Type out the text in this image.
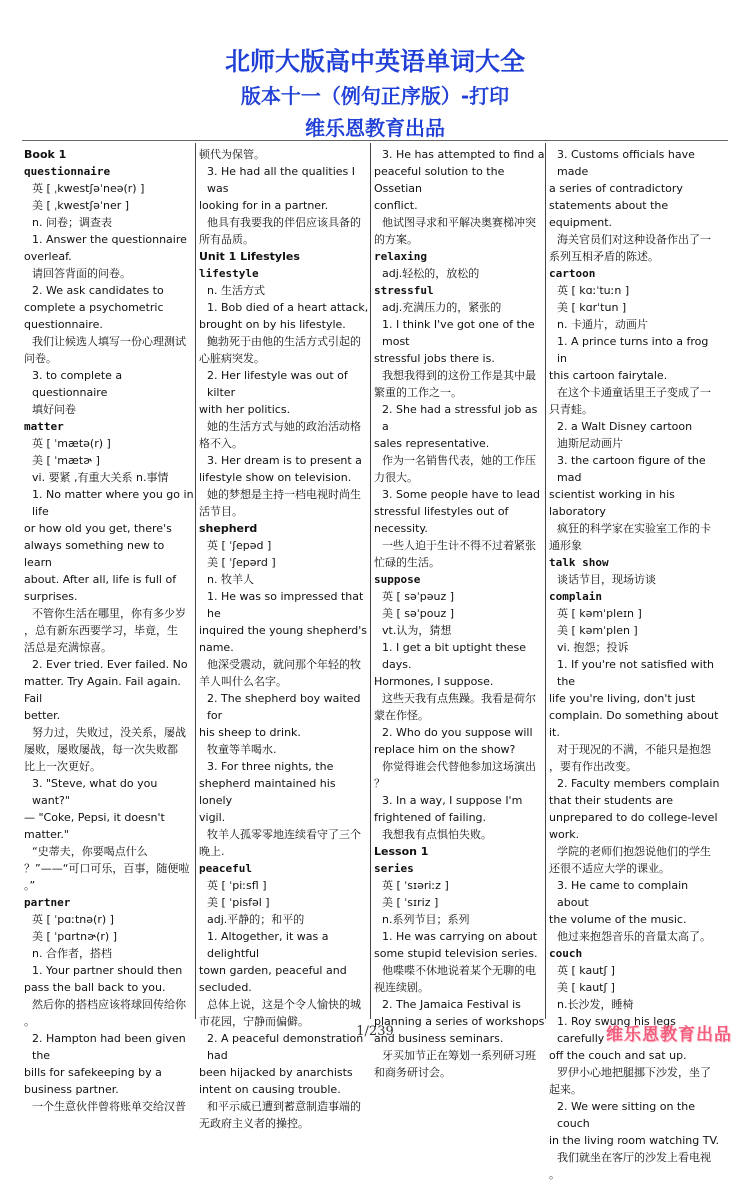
北师大版高中英语单词大全
版本十一（例句正序版）-打印
维乐恩教育出品
Book 1
questionnaire
英 [ ˌkwestʃəˈneə(r) ]
美 [ ˌkwestʃəˈner ]
n. 问卷；调查表
1. Answer the questionnaire
overleaf.
请回答背面的问卷。
2. We ask candidates to
complete a psychometric
questionnaire.
我们让候选人填写一份心理测试
问卷。
3. to complete a questionnaire
填好问卷
matter
英 [ ˈmætə(r) ]
美 [ ˈmætɚ ]
vi. 要紧 ,有重大关系 n.事情
1. No matter where you go in life
or how old you get, there's
always something new to learn
about. After all, life is full of
surprises.
不管你生活在哪里，你有多少岁
，总有新东西要学习，毕竟，生
活总是充满惊喜。
2. Ever tried. Ever failed. No
matter. Try Again. Fail again. Fail
better.
努力过，失败过，没关系，屡战
屡败，屡败屡战，每一次失败都
比上一次更好。
3. "Steve, what do you want?"
— "Coke, Pepsi, it doesn't
matter."
“史蒂夫，你要喝点什么
？”——“可口可乐，百事，随便啦
。”
partner
英 [ ˈpɑːtnə(r) ]
美 [ ˈpɑrtnɚ(r) ]
n. 合作者，搭档
1. Your partner should then
pass the ball back to you.
然后你的搭档应该将球回传给你
。
2. Hampton had been given the
bills for safekeeping by a
business partner.
一个生意伙伴曾将账单交给汉普
顿代为保管。
3. He had all the qualities I was
looking for in a partner.
他具有我要我的伴侣应该具备的
所有品质。
Unit 1 Lifestyles
lifestyle
n. 生活方式
1. Bob died of a heart attack,
brought on by his lifestyle.
鲍勃死于由他的生活方式引起的
心脏病突发。
2. Her lifestyle was out of kilter
with her politics.
她的生活方式与她的政治活动格
格不入。
3. Her dream is to present a
lifestyle show on television.
她的梦想是主持一档电视时尚生
活节目。
shepherd
英 [ ˈʃepəd ]
美 [ ˈʃepərd ]
n. 牧羊人
1. He was so impressed that he
inquired the young shepherd's
name.
他深受震动，就问那个年轻的牧
羊人叫什么名字。
2. The shepherd boy waited for
his sheep to drink.
牧童等羊喝水.
3. For three nights, the
shepherd maintained his lonely
vigil.
牧羊人孤零零地连续看守了三个
晚上.
peaceful
英 [ ˈpiːsfl ]
美 [ ˈpisfəl ]
adj.平静的；和平的
1. Altogether, it was a delightful
town garden, peaceful and
secluded.
总体上说，这是个令人愉快的城
市花园，宁静而偏僻。
2. A peaceful demonstration had
been hijacked by anarchists
intent on causing trouble.
和平示威已遭到蓄意制造事端的
无政府主义者的操控。
3. He has attempted to find a
peaceful solution to the Ossetian
conflict.
他试图寻求和平解决奥赛梯冲突
的方案。
relaxing
adj.轻松的，放松的
stressful
adj.充满压力的，紧张的
1. I think I've got one of the most
stressful jobs there is.
我想我得到的这份工作是其中最
繁重的工作之一。
2. She had a stressful job as a
sales representative.
作为一名销售代表，她的工作压
力很大。
3. Some people have to lead
stressful lifestyles out of
necessity.
一些人迫于生计不得不过着紧张
忙碌的生活。
suppose
英 [ səˈpəuz ]
美 [ səˈpouz ]
vt.认为，猜想
1. I get a bit uptight these days.
Hormones, I suppose.
这些天我有点焦躁。我看是荷尔
蒙在作怪。
2. Who do you suppose will
replace him on the show?
你觉得谁会代替他参加这场演出
？
3. In a way, I suppose I'm
frightened of failing.
我想我有点惧怕失败。
Lesson 1
series
英 [ ˈsɪəriːz ]
美 [ ˈsɪriz ]
n.系列节目；系列
1. He was carrying on about
some stupid television series.
他喋喋不休地说着某个无聊的电
视连续剧。
2. The Jamaica Festival is
planning a series of workshops
and business seminars.
牙买加节正在筹划一系列研习班
和商务研讨会。
3. Customs officials have made
a series of contradictory
statements about the equipment.
海关官员们对这种设备作出了一
系列互相矛盾的陈述。
cartoon
英 [ kɑːˈtuːn ]
美 [ kɑrˈtun ]
n. 卡通片，动画片
1. A prince turns into a frog in
this cartoon fairytale.
在这个卡通童话里王子变成了一
只青蛙。
2. a Walt Disney cartoon
迪斯尼动画片
3. the cartoon figure of the mad
scientist working in his laboratory
疯狂的科学家在实验室工作的卡
通形象
talk show
谈话节目，现场访谈
complain
英 [ kəmˈpleɪn ]
美 [ kəmˈplen ]
vi. 抱怨；投诉
1. If you're not satisfied with the
life you're living, don't just
complain. Do something about it.
对于现况的不满，不能只是抱怨
，要有作出改变。
2. Faculty members complain
that their students are
unprepared to do college-level
work.
学院的老师们抱怨说他们的学生
还很不适应大学的课业。
3. He came to complain about
the volume of the music.
他过来抱怨音乐的音量太高了。
couch
英 [ kautʃ ]
美 [ kautʃ ]
n.长沙发，睡椅
1. Roy swung his legs carefully
off the couch and sat up.
罗伊小心地把腿挪下沙发，坐了
起来。
2. We were sitting on the couch
in the living room watching TV.
我们就坐在客厅的沙发上看电视
。
1/239	维乐恩教育出品
